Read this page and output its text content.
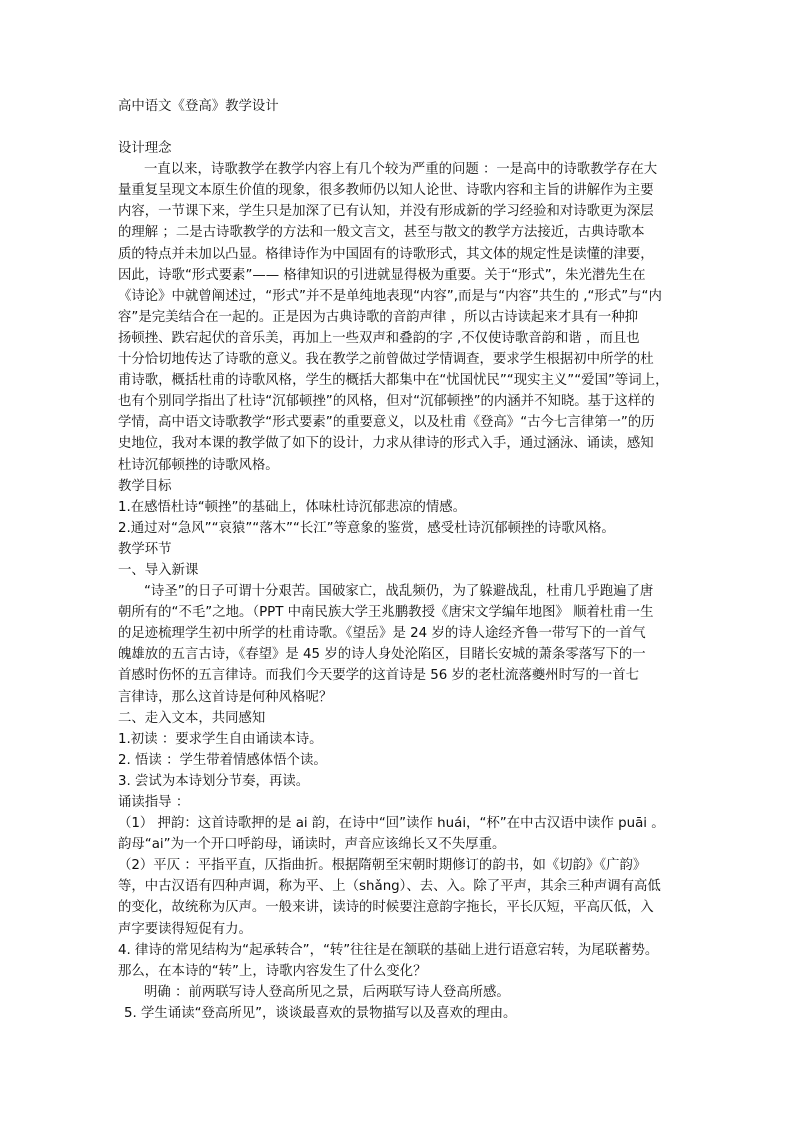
高中语文《登高》教学设计
设计理念
一直以来，诗歌教学在教学内容上有几个较为严重的问题 ：一是高中的诗歌教学存在大
量重复呈现文本原生价值的现象，很多教师仍以知人论世、诗歌内容和主旨的讲解作为主要
内容，一节课下来，学生只是加深了已有认知，并没有形成新的学习经验和对诗歌更为深层
的理解 ；二是古诗歌教学的方法和一般文言文，甚至与散文的教学方法接近，古典诗歌本
质的特点并未加以凸显。格律诗作为中国固有的诗歌形式，其文体的规定性是读懂的津要，
因此，诗歌“形式要素”—— 格律知识的引进就显得极为重要。关于“形式”，朱光潜先生在
《诗论》中就曾阐述过，“形式”并不是单纯地表现“内容”,而是与“内容”共生的 ,“形式”与“内
容”是完美结合在一起的。正是因为古典诗歌的音韵声律 ，所以古诗读起来才具有一种抑
扬顿挫、跌宕起伏的音乐美，再加上一些双声和叠韵的字 ,不仅使诗歌音韵和谐 ，而且也
十分恰切地传达了诗歌的意义。我在教学之前曾做过学情调查，要求学生根据初中所学的杜
甫诗歌，概括杜甫的诗歌风格，学生的概括大都集中在“忧国忧民”“现实主义”“爱国”等词上，
也有个别同学指出了杜诗“沉郁顿挫”的风格，但对“沉郁顿挫”的内涵并不知晓。基于这样的
学情，高中语文诗歌教学“形式要素”的重要意义，以及杜甫《登高》“古今七言律第一”的历
史地位，我对本课的教学做了如下的设计，力求从律诗的形式入手，通过涵泳、诵读，感知
杜诗沉郁顿挫的诗歌风格。
教学目标
1.在感悟杜诗“顿挫”的基础上，体味杜诗沉郁悲凉的情感。
2.通过对“急风”“哀猿”“落木”“长江”等意象的鉴赏，感受杜诗沉郁顿挫的诗歌风格。
教学环节
一、导入新课
“诗圣”的日子可谓十分艰苦。国破家亡，战乱频仍，为了躲避战乱，杜甫几乎跑遍了唐
朝所有的“不毛”之地。（PPT 中南民族大学王兆鹏教授《唐宋文学编年地图》 顺着杜甫一生
的足迹梳理学生初中所学的杜甫诗歌。《望岳》是 24 岁的诗人途经齐鲁一带写下的一首气
魄雄放的五言古诗，《春望》是 45 岁的诗人身处沦陷区，目睹长安城的萧条零落写下的一
首感时伤怀的五言律诗。而我们今天要学的这首诗是 56 岁的老杜流落夔州时写的一首七
言律诗，那么这首诗是何种风格呢？
二、走入文本，共同感知
1.初读 ：要求学生自由诵读本诗。
2. 悟读 ：学生带着情感体悟个读。
3. 尝试为本诗划分节奏，再读。
诵读指导 ：
（1） 押韵：这首诗歌押的是 ai 韵，在诗中“回”读作 huái，“杯”在中古汉语中读作 puāi 。
韵母“ai”为一个开口呼韵母，诵读时，声音应该绵长又不失厚重。
（2）平仄 ：平指平直，仄指曲折。根据隋朝至宋朝时期修订的韵书，如《切韵》《广韵》
等，中古汉语有四种声调，称为平、上（shǎng）、去、入。除了平声，其余三种声调有高低
的变化，故统称为仄声。一般来讲，读诗的时候要注意韵字拖长，平长仄短，平高仄低，入
声字要读得短促有力。
4. 律诗的常见结构为“起承转合”，“转”往往是在颔联的基础上进行语意宕转，为尾联蓄势。
那么，在本诗的“转”上，诗歌内容发生了什么变化？
明确 ：前两联写诗人登高所见之景，后两联写诗人登高所感。
5. 学生诵读“登高所见”，谈谈最喜欢的景物描写以及喜欢的理由。
